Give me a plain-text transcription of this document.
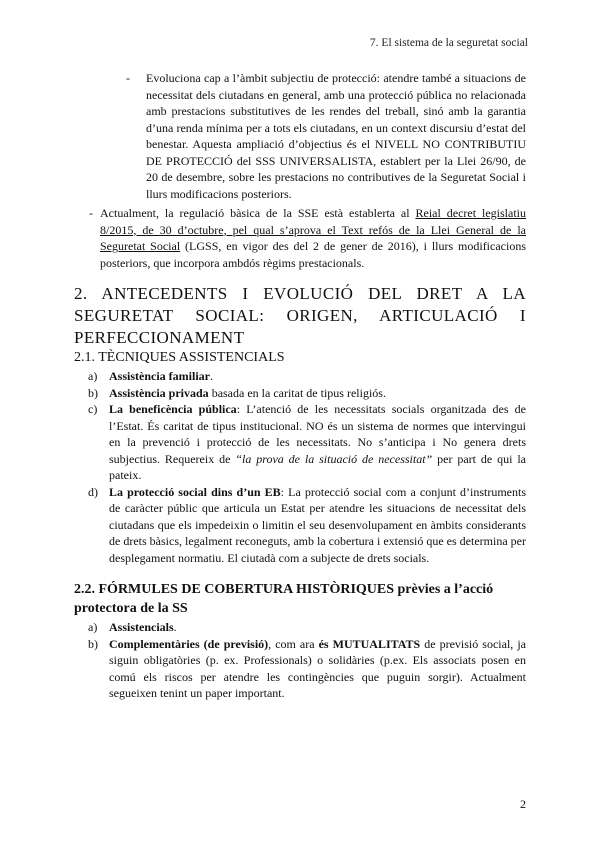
7. El sistema de la seguretat social
- Evoluciona cap a l’àmbit subjectiu de protecció: atendre també a situacions de necessitat dels ciutadans en general, amb una protecció pública no relacionada amb prestacions substitutives de les rendes del treball, sinó amb la garantia d’una renda mínima per a tots els ciutadans, en un context discursiu d’estat del benestar. Aquesta ampliació d’objectius és el NIVELL NO CONTRIBUTIU DE PROTECCIÓ del SSS UNIVERSALISTA, establert per la Llei 26/90, de 20 de desembre, sobre les prestacions no contributives de la Seguretat Social i llurs modificacions posteriors.
- Actualment, la regulació bàsica de la SSE està establerta al Reial decret legislatiu 8/2015, de 30 d’octubre, pel qual s’aprova el Text refós de la Llei General de la Seguretat Social (LGSS, en vigor des del 2 de gener de 2016), i llurs modificacions posteriors, que incorpora ambdós règims prestacionals.
2. ANTECEDENTS I EVOLUCIÓ DEL DRET A LA
SEGURETAT SOCIAL: ORIGEN, ARTICULACIÓ I
PERFECCIONAMENT
2.1. TÈCNIQUES ASSISTENCIALS
a) Assistència familiar.
b) Assistència privada basada en la caritat de tipus religiós.
c) La beneficència pública: L’atenció de les necessitats socials organitzada des de l’Estat. És caritat de tipus institucional. NO és un sistema de normes que intervingui en la prevenció i protecció de les necessitats. No s’anticipa i No genera drets subjectius. Requereix de “la prova de la situació de necessitat” per part de qui la pateix.
d) La protecció social dins d’un EB: La protecció social com a conjunt d’instruments de caràcter públic que articula un Estat per atendre les situacions de necessitat dels ciutadans que els impedeixin o limitin el seu desenvolupament en àmbits considerants de drets bàsics, legalment reconeguts, amb la cobertura i extensió que es determina per desplegament normatiu. El ciutadà com a subjecte de drets socials.
2.2. FÓRMULES DE COBERTURA HISTÒRIQUES prèvies a l’acció protectora de la SS
a) Assistencials.
b) Complementàries (de previsió), com ara és MUTUALITATS de previsió social, ja siguin obligatòries (p. ex. Professionals) o solidàries (p.ex. Els associats posen en comú els riscos per atendre les contingències que puguin sorgir). Actualment segueixen tenint un paper important.
2
